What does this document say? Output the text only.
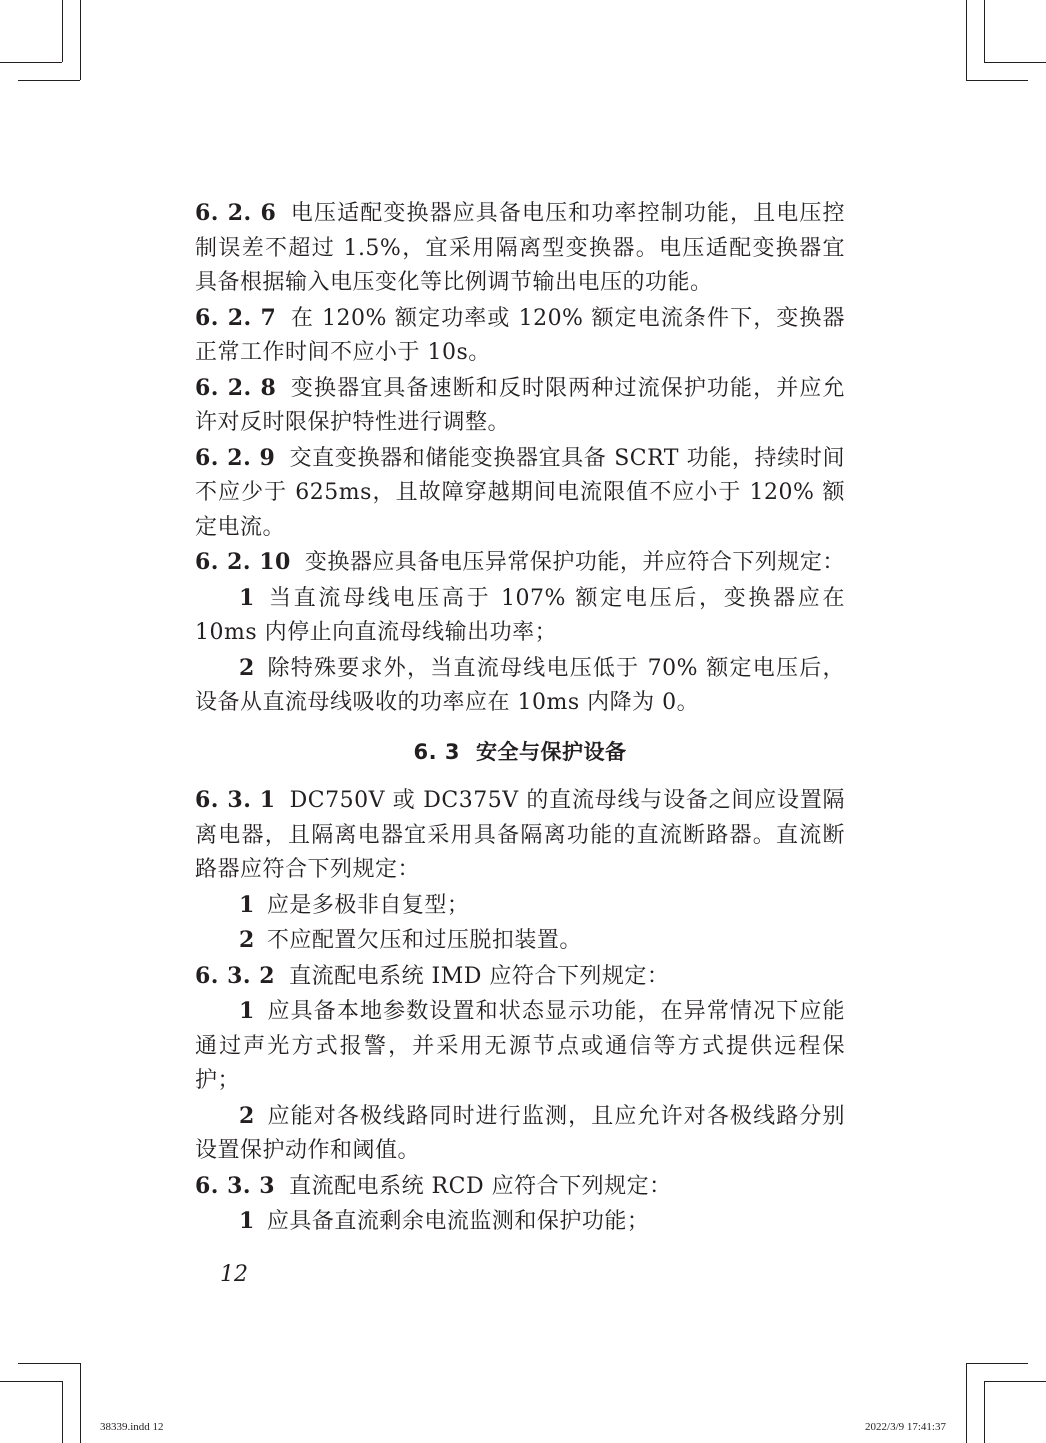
6. 2. 6 电压适配变换器应具备电压和功率控制功能，且电压控制误差不超过 1.5%，宜采用隔离型变换器。电压适配变换器宜具备根据输入电压变化等比例调节输出电压的功能。

6. 2. 7 在 120% 额定功率或 120% 额定电流条件下，变换器正常工作时间不应小于 10s。

6. 2. 8 变换器宜具备速断和反时限两种过流保护功能，并应允许对反时限保护特性进行调整。

6. 2. 9 交直变换器和储能变换器宜具备 SCRT 功能，持续时间不应少于 625ms，且故障穿越期间电流限值不应小于 120% 额定电流。

6. 2. 10 变换器应具备电压异常保护功能，并应符合下列规定：

1 当直流母线电压高于 107% 额定电压后，变换器应在 10ms 内停止向直流母线输出功率；

2 除特殊要求外，当直流母线电压低于 70% 额定电压后，设备从直流母线吸收的功率应在 10ms 内降为 0。

6. 3 安全与保护设备

6. 3. 1 DC750V 或 DC375V 的直流母线与设备之间应设置隔离电器，且隔离电器宜采用具备隔离功能的直流断路器。直流断路器应符合下列规定：

1 应是多极非自复型；

2 不应配置欠压和过压脱扣装置。

6. 3. 2 直流配电系统 IMD 应符合下列规定：

1 应具备本地参数设置和状态显示功能，在异常情况下应能通过声光方式报警，并采用无源节点或通信等方式提供远程保护；

2 应能对各极线路同时进行监测，且应允许对各极线路分别设置保护动作和阈值。

6. 3. 3 直流配电系统 RCD 应符合下列规定：

1 应具备直流剩余电流监测和保护功能；

12
38339.indd 12	2022/3/9 17:41:37
